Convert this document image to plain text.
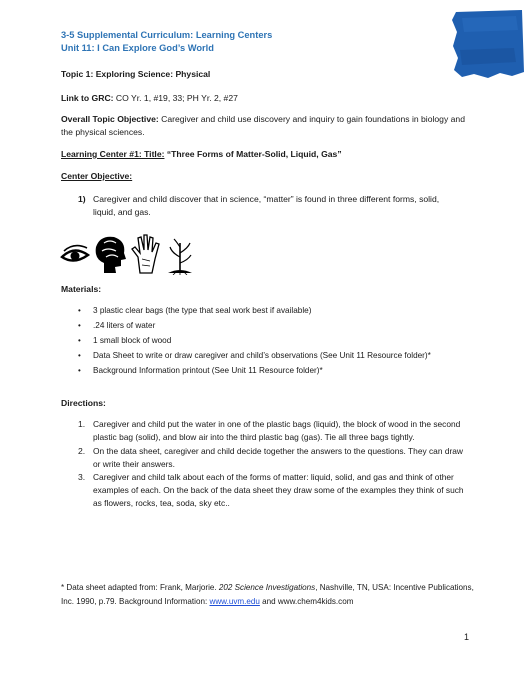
3-5 Supplemental Curriculum: Learning Centers
Unit 11: I Can Explore God’s World
Topic 1: Exploring Science: Physical
Link to GRC: CO Yr. 1, #19, 33; PH Yr. 2, #27
Overall Topic Objective: Caregiver and child use discovery and inquiry to gain foundations in biology and
the physical sciences.
Learning Center #1: Title: “Three Forms of Matter-Solid, Liquid, Gas”
Center Objective:
1) Caregiver and child discover that in science, “matter” is found in three different forms, solid,
liquid, and gas.
Materials:
• 3 plastic clear bags (the type that seal work best if available)
• .24 liters of water
• 1 small block of wood
• Data Sheet to write or draw caregiver and child’s observations (See Unit 11 Resource folder)*
• Background Information printout (See Unit 11 Resource folder)*
Directions:
1. Caregiver and child put the water in one of the plastic bags (liquid), the block of wood in the second plastic bag (solid), and blow air into the third plastic bag (gas). Tie all three bags tightly.
2. On the data sheet, caregiver and child decide together the answers to the questions. They can draw or write their answers.
3. Caregiver and child talk about each of the forms of matter: liquid, solid, and gas and think of other examples of each. On the back of the data sheet they draw some of the examples they think of such as flowers, rocks, tea, soda, sky etc..
* Data sheet adapted from: Frank, Marjorie. 202 Science Investigations, Nashville, TN, USA: Incentive Publications,
Inc. 1990, p.79. Background Information: www.uvm.edu and www.chem4kids.com
1
